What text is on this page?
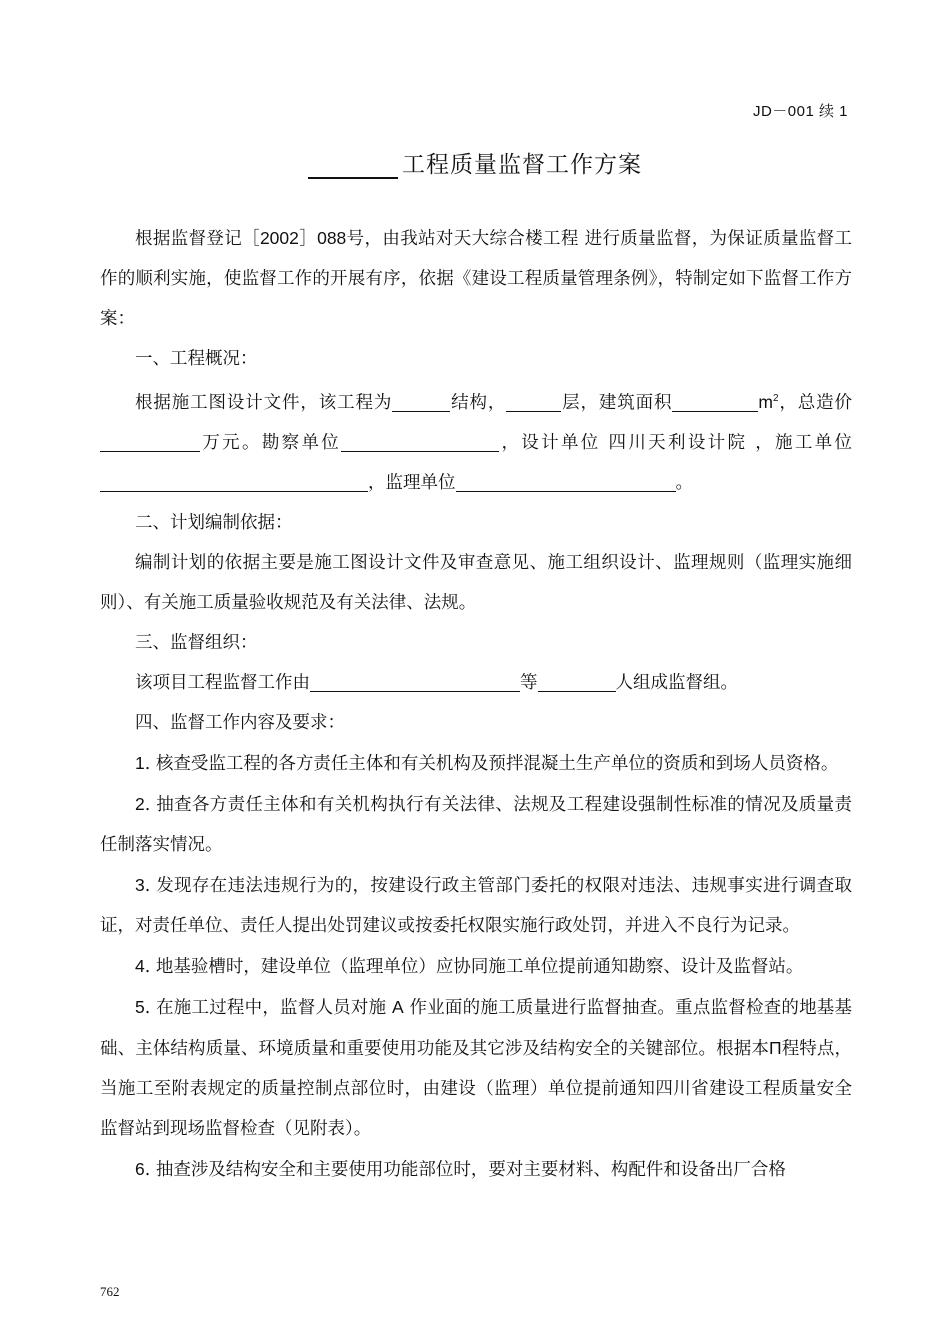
JD－001 续 1
工程质量监督工作方案

根据监督登记［2002］088号，由我站对天大综合楼工程 进行质量监督，为保证质量监督工作的顺利实施，使监督工作的开展有序，依据《建设工程质量管理条例》，特制定如下监督工作方案：

一、工程概况：

根据施工图设计文件，该工程为	结构，	层，建筑面积	$m^2$，总造价万元。勘察单位	，设计单位 四川天利设计院 ，施工单位，监理单位	。

二、计划编制依据：

编制计划的依据主要是施工图设计文件及审查意见、施工组织设计、监理规则（监理实施细则）、有关施工质量验收规范及有关法律、法规。

三、监督组织：

该项目工程监督工作由	等	人组成监督组。

四、监督工作内容及要求：

1. 核查受监工程的各方责任主体和有关机构及预拌混凝土生产单位的资质和到场人员资格。

2. 抽查各方责任主体和有关机构执行有关法律、法规及工程建设强制性标准的情况及质量责任制落实情况。

3. 发现存在违法违规行为的，按建设行政主管部门委托的权限对违法、违规事实进行调查取证，对责任单位、责任人提出处罚建议或按委托权限实施行政处罚，并进入不良行为记录。

4. 地基验槽时，建设单位（监理单位）应协同施工单位提前通知勘察、设计及监督站。

5. 在施工过程中，监督人员对施 A 作业面的施工质量进行监督抽查。重点监督检查的地基基础、主体结构质量、环境质量和重要使用功能及其它涉及结构安全的关键部位。根据本Π程特点，当施工至附表规定的质量控制点部位时，由建设（监理）单位提前通知四川省建设工程质量安全监督站到现场监督检查（见附表）。

6. 抽查涉及结构安全和主要使用功能部位时，要对主要材料、构配件和设备出厂合格

762
